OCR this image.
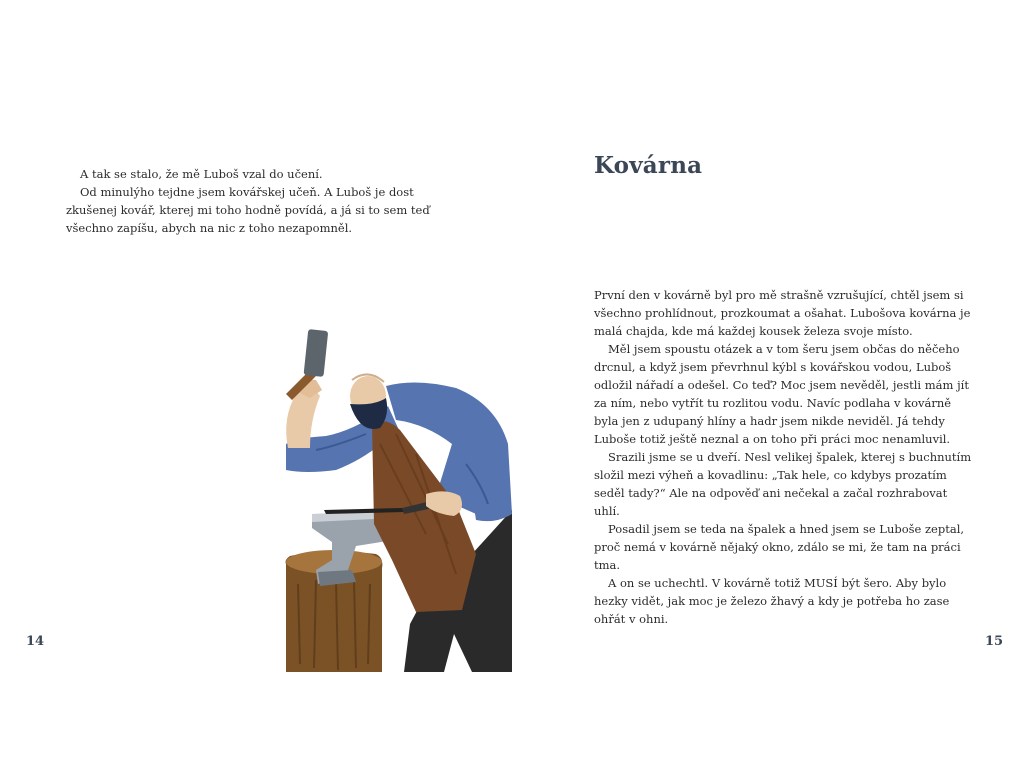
A tak se stalo, že mě Luboš vzal do učení.

Od minulýho tejdne jsem kovářskej učeň. A Luboš je dost zkušenej kovář, kterej mi toho hodně povídá, a já si to sem teď všechno zapíšu, abych na nic z toho nezapomněl.

14
Kovárna

První den v kovárně byl pro mě strašně vzrušující, chtěl jsem si všechno prohlídnout, prozkoumat a ošahat. Lubošova kovárna je malá chajda, kde má každej kousek železa svoje místo.

Měl jsem spoustu otázek a v tom šeru jsem občas do něčeho drcnul, a když jsem převrhnul kýbl s kovářskou vodou, Luboš odložil nářadí a odešel. Co teď? Moc jsem nevěděl, jestli mám jít za ním, nebo vytřít tu rozlitou vodu. Navíc podlaha v kovárně byla jen z udupaný hlíny a hadr jsem nikde neviděl. Já tehdy Luboše totiž ještě neznal a on toho při práci moc nenamluvil.

Srazili jsme se u dveří. Nesl velikej špalek, kterej s buchnutím složil mezi výheň a kovadlinu: „Tak hele, co kdybys prozatím seděl tady?“ Ale na odpověď ani nečekal a začal rozhrabovat uhlí.

Posadil jsem se teda na špalek a hned jsem se Luboše zeptal, proč nemá v kovárně nějaký okno, zdálo se mi, že tam na práci tma.

A on se uchechtl. V kovárně totiž MUSÍ být šero. Aby bylo hezky vidět, jak moc je železo žhavý a kdy je potřeba ho zase ohřát v ohni.

15
